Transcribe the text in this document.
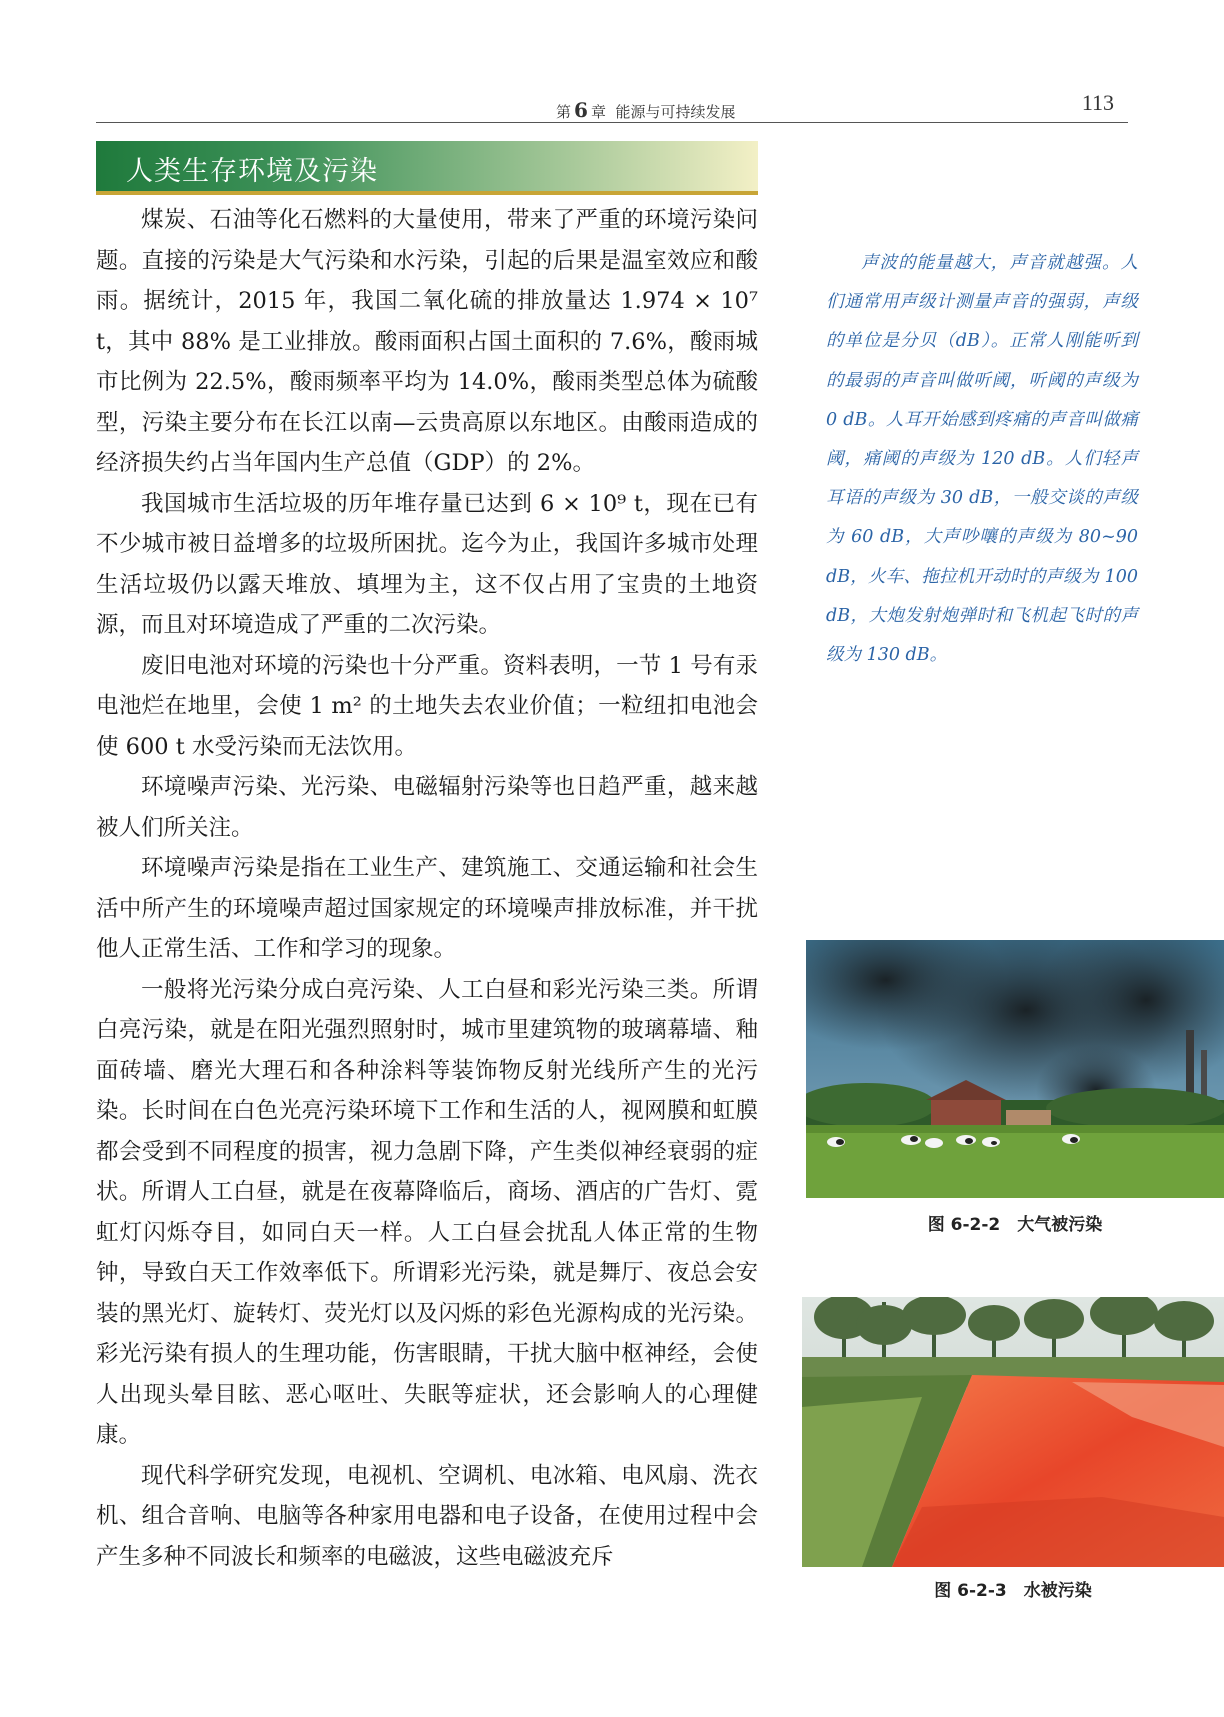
第 6 章 能源与可持续发展	113
人类生存环境及污染

煤炭、石油等化石燃料的大量使用，带来了严重的环境污染问题。直接的污染是大气污染和水污染，引起的后果是温室效应和酸雨。据统计，2015 年，我国二氧化硫的排放量达 1.974 × 10⁷ t，其中 88% 是工业排放。酸雨面积占国土面积的 7.6%，酸雨城市比例为 22.5%，酸雨频率平均为 14.0%，酸雨类型总体为硫酸型，污染主要分布在长江以南—云贵高原以东地区。由酸雨造成的经济损失约占当年国内生产总值（GDP）的 2%。

我国城市生活垃圾的历年堆存量已达到 6 × 10⁹ t，现在已有不少城市被日益增多的垃圾所困扰。迄今为止，我国许多城市处理生活垃圾仍以露天堆放、填埋为主，这不仅占用了宝贵的土地资源，而且对环境造成了严重的二次污染。

废旧电池对环境的污染也十分严重。资料表明，一节 1 号有汞电池烂在地里，会使 1 m² 的土地失去农业价值；一粒纽扣电池会使 600 t 水受污染而无法饮用。

环境噪声污染、光污染、电磁辐射污染等也日趋严重，越来越被人们所关注。

环境噪声污染是指在工业生产、建筑施工、交通运输和社会生活中所产生的环境噪声超过国家规定的环境噪声排放标准，并干扰他人正常生活、工作和学习的现象。

一般将光污染分成白亮污染、人工白昼和彩光污染三类。所谓白亮污染，就是在阳光强烈照射时，城市里建筑物的玻璃幕墙、釉面砖墙、磨光大理石和各种涂料等装饰物反射光线所产生的光污染。长时间在白色光亮污染环境下工作和生活的人，视网膜和虹膜都会受到不同程度的损害，视力急剧下降，产生类似神经衰弱的症状。所谓人工白昼，就是在夜幕降临后，商场、酒店的广告灯、霓虹灯闪烁夺目，如同白天一样。人工白昼会扰乱人体正常的生物钟，导致白天工作效率低下。所谓彩光污染，就是舞厅、夜总会安装的黑光灯、旋转灯、荧光灯以及闪烁的彩色光源构成的光污染。彩光污染有损人的生理功能，伤害眼睛，干扰大脑中枢神经，会使人出现头晕目眩、恶心呕吐、失眠等症状，还会影响人的心理健康。

现代科学研究发现，电视机、空调机、电冰箱、电风扇、洗衣机、组合音响、电脑等各种家用电器和电子设备，在使用过程中会产生多种不同波长和频率的电磁波，这些电磁波充斥

声波的能量越大，声音就越强。人们通常用声级计测量声音的强弱，声级的单位是分贝（dB）。正常人刚能听到的最弱的声音叫做听阈，听阈的声级为 0 dB。人耳开始感到疼痛的声音叫做痛阈，痛阈的声级为 120 dB。人们轻声耳语的声级为 30 dB，一般交谈的声级为 60 dB，大声吵嚷的声级为 80~90 dB，火车、拖拉机开动时的声级为 100 dB，大炮发射炮弹时和飞机起飞时的声级为 130 dB。

图 6-2-2　大气被污染
图 6-2-3　水被污染
